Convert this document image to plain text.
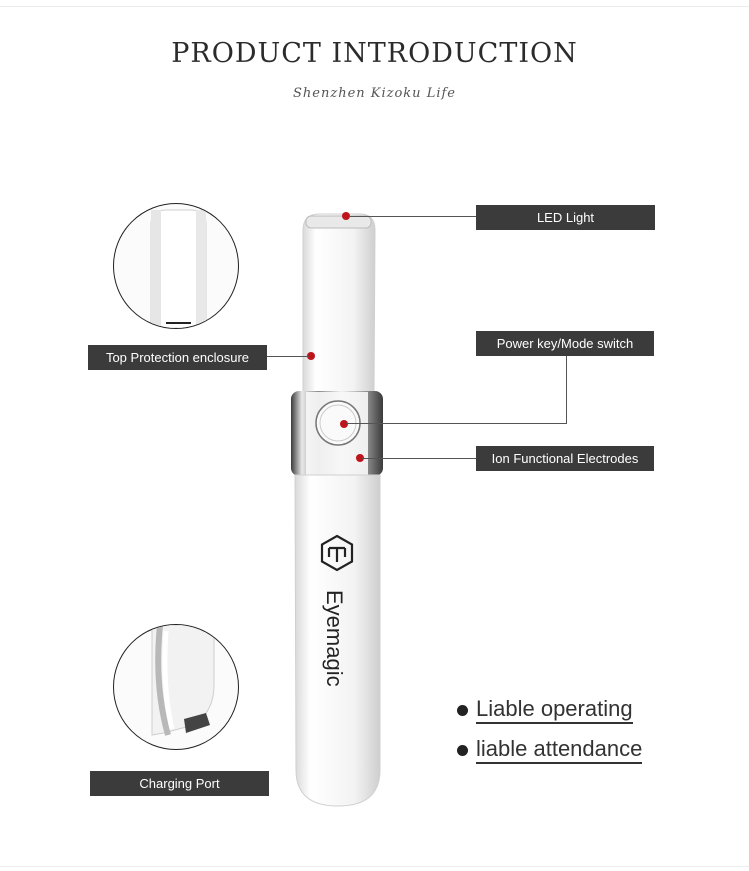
PRODUCT INTRODUCTION
Shenzhen Kizoku Life
Eyemagic
LED Light
Top Protection enclosure
Power key/Mode switch
Ion Functional Electrodes
Charging Port
Liable operating
liable attendance
